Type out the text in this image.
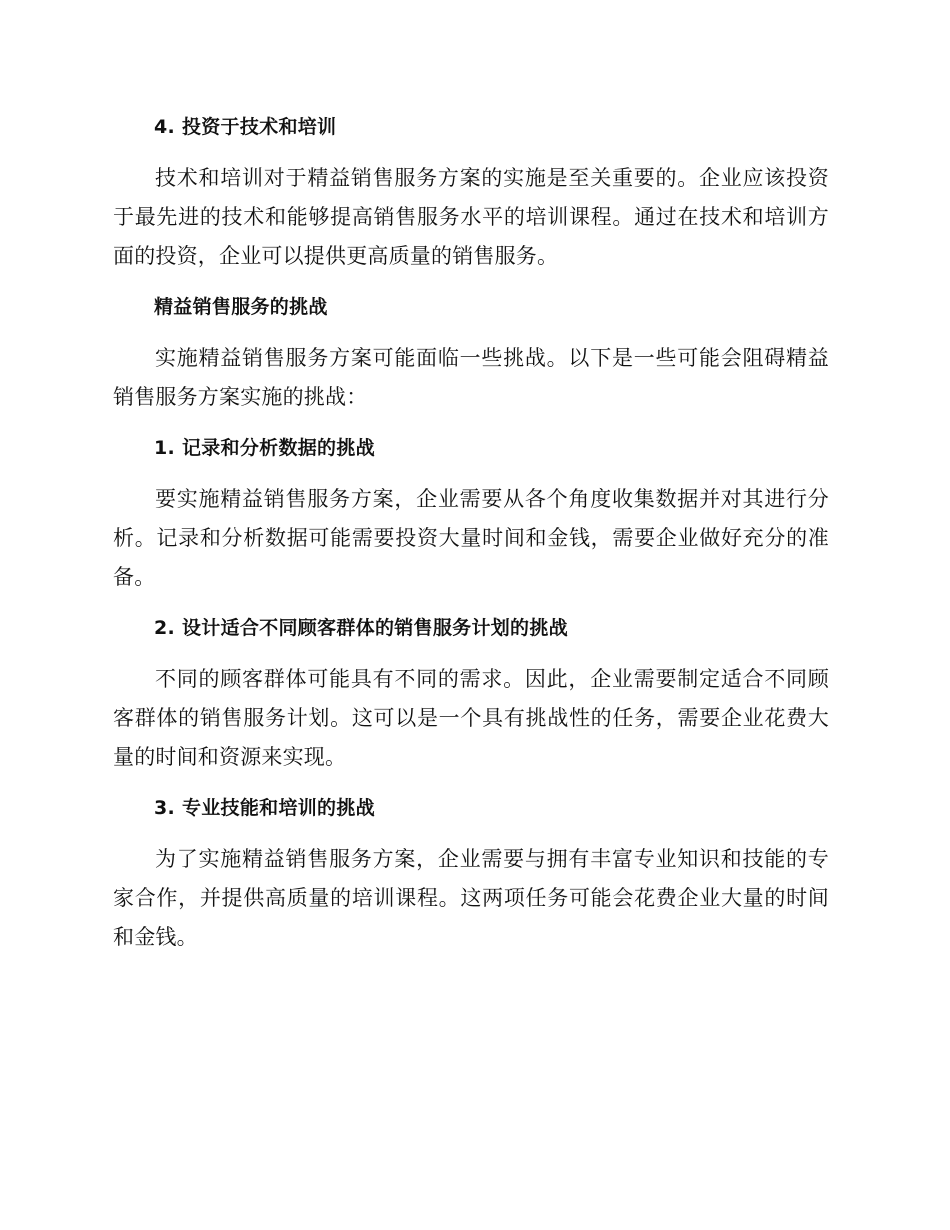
4. 投资于技术和培训

技术和培训对于精益销售服务方案的实施是至关重要的。企业应该投资于最先进的技术和能够提高销售服务水平的培训课程。通过在技术和培训方面的投资，企业可以提供更高质量的销售服务。

精益销售服务的挑战

实施精益销售服务方案可能面临一些挑战。以下是一些可能会阻碍精益销售服务方案实施的挑战：

1. 记录和分析数据的挑战

要实施精益销售服务方案，企业需要从各个角度收集数据并对其进行分析。记录和分析数据可能需要投资大量时间和金钱，需要企业做好充分的准备。

2. 设计适合不同顾客群体的销售服务计划的挑战

不同的顾客群体可能具有不同的需求。因此，企业需要制定适合不同顾客群体的销售服务计划。这可以是一个具有挑战性的任务，需要企业花费大量的时间和资源来实现。

3. 专业技能和培训的挑战

为了实施精益销售服务方案，企业需要与拥有丰富专业知识和技能的专家合作，并提供高质量的培训课程。这两项任务可能会花费企业大量的时间和金钱。
